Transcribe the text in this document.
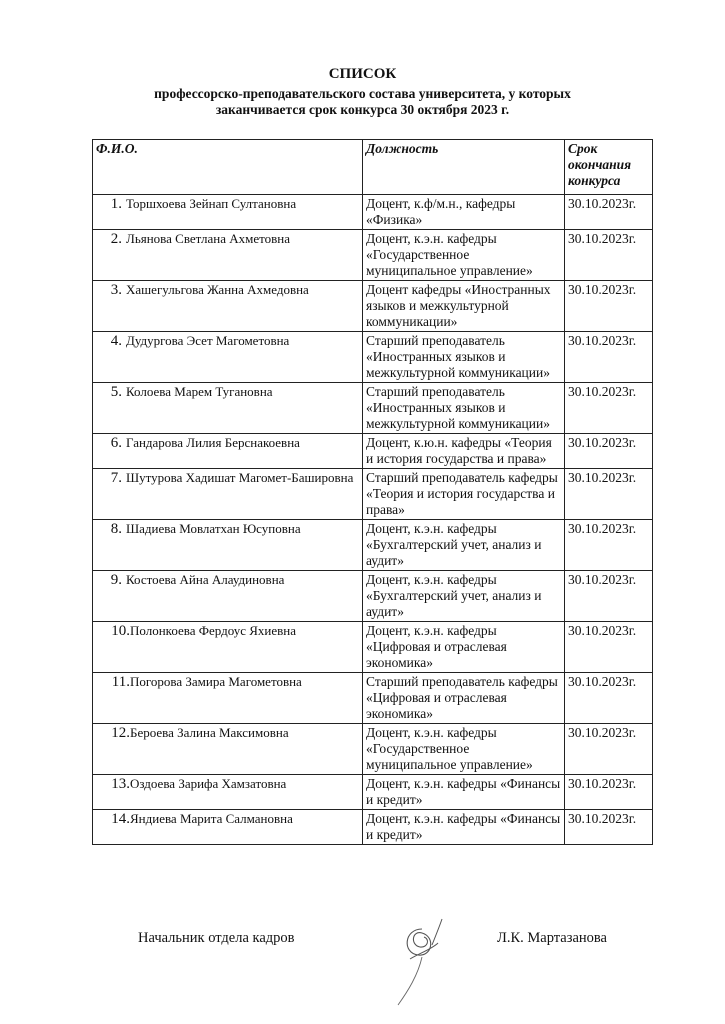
СПИСОК
профессорско-преподавательского состава университета, у которых
заканчивается срок конкурса 30 октября 2023 г.
Ф.И.О.	Должность	Срок
окончания
конкурса

1. Торшхоева Зейнап Султановна	Доцент, к.ф/м.н., кафедры «Физика»	30.10.2023г.
2. Льянова Светлана Ахметовна	Доцент, к.э.н. кафедры «Государственное муниципальное управление»	30.10.2023г.
3. Хашегульгова Жанна Ахмедовна	Доцент кафедры «Иностранных языков и межкультурной коммуникации»	30.10.2023г.
4. Дудургова Эсет Магометовна	Старший преподаватель «Иностранных языков и межкультурной коммуникации»	30.10.2023г.
5. Колоева Марем Тугановна	Старший преподаватель «Иностранных языков и межкультурной коммуникации»	30.10.2023г.
6. Гандарова Лилия Берснакоевна	Доцент, к.ю.н. кафедры «Теория и история государства и права»	30.10.2023г.
7. Шутурова Хадишат Магомет-Башировна	Старший преподаватель кафедры «Теория и история государства и права»	30.10.2023г.
8. Шадиева Мовлатхан Юсуповна	Доцент, к.э.н. кафедры «Бухгалтерский учет, анализ и аудит»	30.10.2023г.
9. Костоева Айна Алаудиновна	Доцент, к.э.н. кафедры «Бухгалтерский учет, анализ и аудит»	30.10.2023г.
10.Полонкоева Фердоус Яхиевна	Доцент, к.э.н. кафедры «Цифровая и отраслевая экономика»	30.10.2023г.
11.Погорова Замира Магометовна	Старший преподаватель кафедры «Цифровая и отраслевая экономика»	30.10.2023г.
12.Бероева Залина Максимовна	Доцент, к.э.н. кафедры «Государственное муниципальное управление»	30.10.2023г.
13.Оздоева Зарифа Хамзатовна	Доцент, к.э.н. кафедры «Финансы и кредит»	30.10.2023г.
14.Яндиева Марита Салмановна	Доцент, к.э.н. кафедры «Финансы и кредит»	30.10.2023г.
Начальник отдела кадров	Л.К. Мартазанова
